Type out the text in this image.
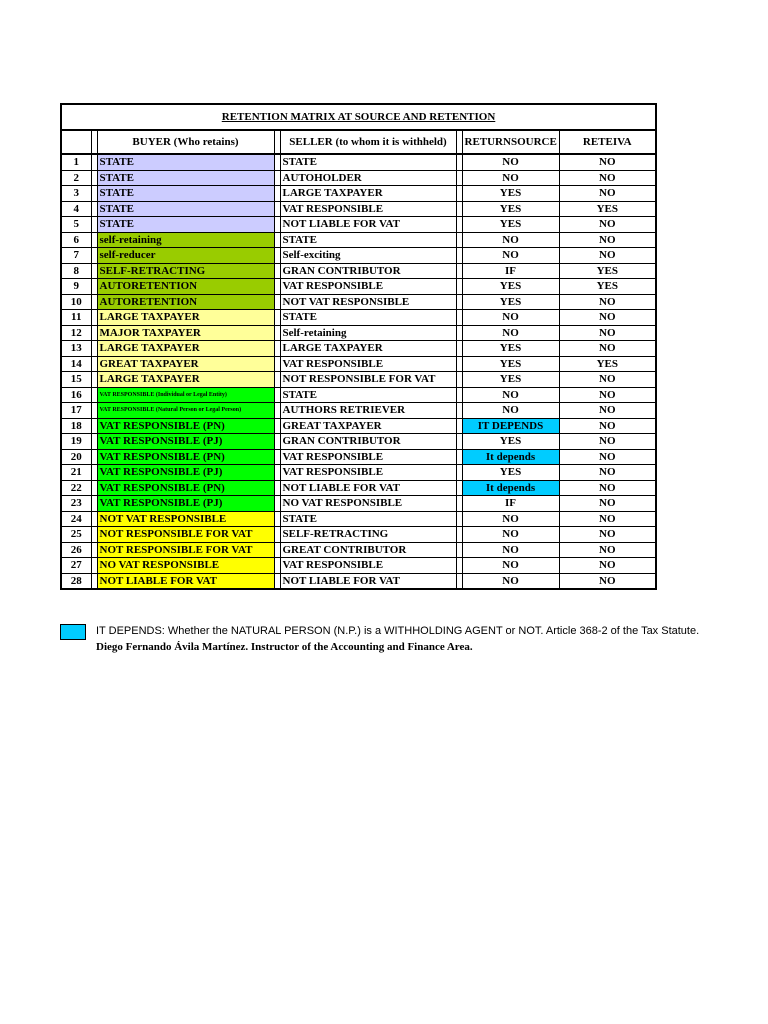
RETENTION MATRIX AT SOURCE AND RETENTION							
		BUYER (Who retains)		SELLER (to whom it is withheld)		RETURNSOURCE	RETEIVA
1		STATE		STATE		NO	NO
2		STATE		AUTOHOLDER		NO	NO
3		STATE		LARGE TAXPAYER		YES	NO
4		STATE		VAT RESPONSIBLE		YES	YES
5		STATE		NOT LIABLE FOR VAT		YES	NO
6		self-retaining		STATE		NO	NO
7		self-reducer		Self-exciting		NO	NO
8		SELF-RETRACTING		GRAN CONTRIBUTOR		IF	YES
9		AUTORETENTION		VAT RESPONSIBLE		YES	YES
10		AUTORETENTION		NOT VAT RESPONSIBLE		YES	NO
11		LARGE TAXPAYER		STATE		NO	NO
12		MAJOR TAXPAYER		Self-retaining		NO	NO
13		LARGE TAXPAYER		LARGE TAXPAYER		YES	NO
14		GREAT TAXPAYER		VAT RESPONSIBLE		YES	YES
15		LARGE TAXPAYER		NOT RESPONSIBLE FOR VAT		YES	NO
16		VAT RESPONSIBLE (Individual or Legal Entity)		STATE		NO	NO
17		VAT RESPONSIBLE (Natural Person or Legal Person)		AUTHORS RETRIEVER		NO	NO
18		VAT RESPONSIBLE (PN)		GREAT TAXPAYER		IT DEPENDS	NO
19		VAT RESPONSIBLE (PJ)		GRAN CONTRIBUTOR		YES	NO
20		VAT RESPONSIBLE (PN)		VAT RESPONSIBLE		It depends	NO
21		VAT RESPONSIBLE (PJ)		VAT RESPONSIBLE		YES	NO
22		VAT RESPONSIBLE (PN)		NOT LIABLE FOR VAT		It depends	NO
23		VAT RESPONSIBLE (PJ)		NO VAT RESPONSIBLE		IF	NO
24		NOT VAT RESPONSIBLE		STATE		NO	NO
25		NOT RESPONSIBLE FOR VAT		SELF-RETRACTING		NO	NO
26		NOT RESPONSIBLE FOR VAT		GREAT CONTRIBUTOR		NO	NO
27		NO VAT RESPONSIBLE		VAT RESPONSIBLE		NO	NO
28		NOT LIABLE FOR VAT		NOT LIABLE FOR VAT		NO	NO
IT DEPENDS: Whether the NATURAL PERSON (N.P.) is a WITHHOLDING AGENT or NOT. Article 368-2 of the Tax Statute.
Diego Fernando Ávila Martínez. Instructor of the Accounting and Finance Area.
